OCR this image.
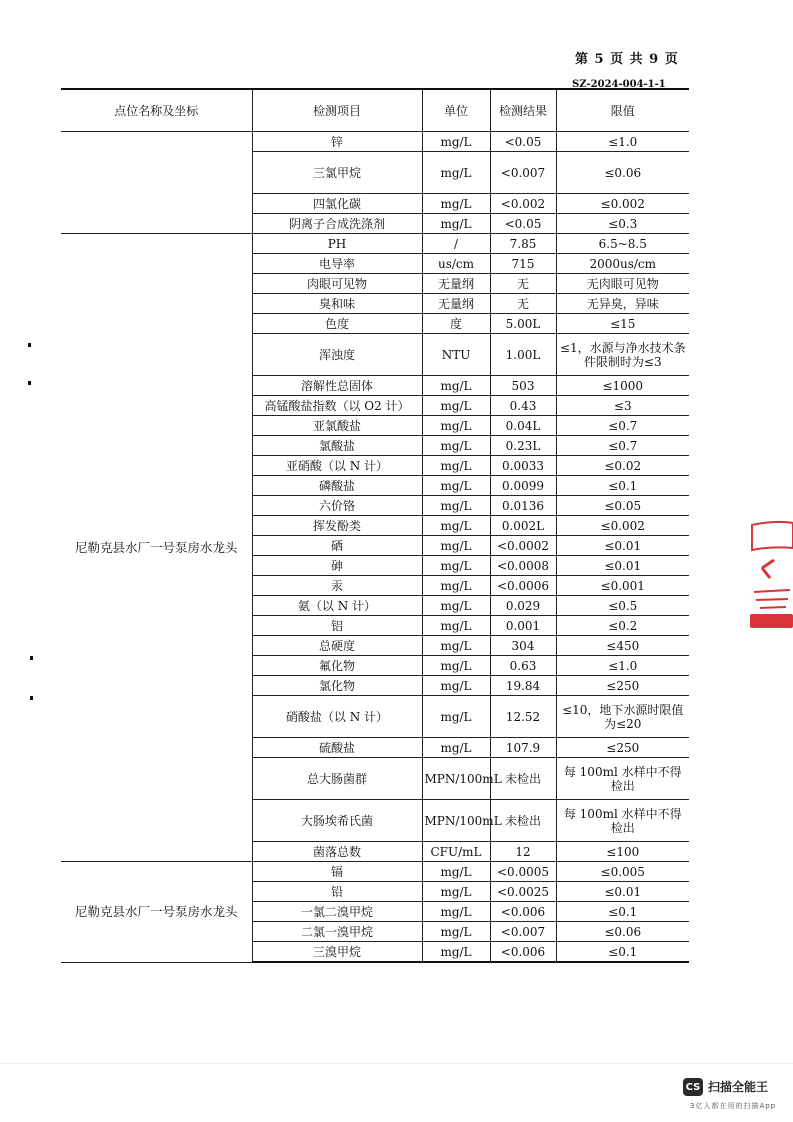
第 5 页 共 9 页
SZ-2024-004-1-1
点位名称及坐标	检测项目	单位	检测结果	限值
	锌	mg/L	<0.05	≤1.0
	三氯甲烷	mg/L	<0.007	≤0.06
	四氯化碳	mg/L	<0.002	≤0.002
	阴离子合成洗涤剂	mg/L	<0.05	≤0.3
尼勒克县水厂一号泵房水龙头	PH	/	7.85	6.5~8.5
	电导率	us/cm	715	2000us/cm
	肉眼可见物	无量纲	无	无肉眼可见物
	臭和味	无量纲	无	无异臭，异味
	色度	度	5.00L	≤15
	浑浊度	NTU	1.00L	≤1，水源与净水技术条件限制时为≤3
	溶解性总固体	mg/L	503	≤1000
	高锰酸盐指数（以 O2 计）	mg/L	0.43	≤3
	亚氯酸盐	mg/L	0.04L	≤0.7
	氯酸盐	mg/L	0.23L	≤0.7
	亚硝酸（以 N 计）	mg/L	0.0033	≤0.02
	磷酸盐	mg/L	0.0099	≤0.1
	六价铬	mg/L	0.0136	≤0.05
	挥发酚类	mg/L	0.002L	≤0.002
	硒	mg/L	<0.0002	≤0.01
	砷	mg/L	<0.0008	≤0.01
	汞	mg/L	<0.0006	≤0.001
	氨（以 N 计）	mg/L	0.029	≤0.5
	铝	mg/L	0.001	≤0.2
	总硬度	mg/L	304	≤450
	氟化物	mg/L	0.63	≤1.0
	氯化物	mg/L	19.84	≤250
	硝酸盐（以 N 计）	mg/L	12.52	≤10，地下水源时限值为≤20
	硫酸盐	mg/L	107.9	≤250
	总大肠菌群	MPN/100mL	未检出	每 100ml 水样中不得检出
	大肠埃希氏菌	MPN/100mL	未检出	每 100ml 水样中不得检出
	菌落总数	CFU/mL	12	≤100
尼勒克县水厂一号泵房水龙头	镉	mg/L	<0.0005	≤0.005
	铅	mg/L	<0.0025	≤0.01
	一氯二溴甲烷	mg/L	<0.006	≤0.1
	二氯一溴甲烷	mg/L	<0.007	≤0.06
	三溴甲烷	mg/L	<0.006	≤0.1
CS 扫描全能王
3亿人都在用的扫描App
